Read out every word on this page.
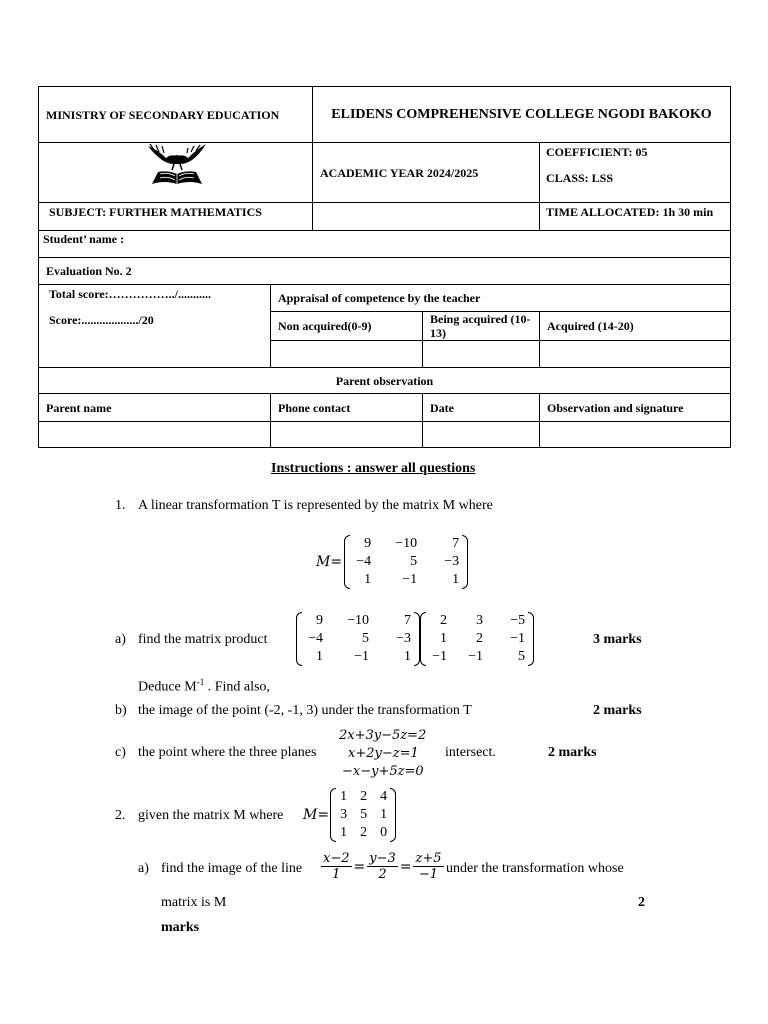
MINISTRY OF SECONDARY EDUCATION		ELIDENS COMPREHENSIVE COLLEGE NGODI BAKOKO		
		ACADEMIC YEAR 2024/2025		COEFFICIENT: 05
CLASS: LSS

SUBJECT: FURTHER MATHEMATICS				TIME ALLOCATED: 1h 30 min
Student’ name :				
Evaluation No. 2				

Total score:……………../...........
Score:.................../20	Appraisal of competence by the teacher			
	Non acquired(0-9)		Being acquired (10-13)	Acquired (14-20)

Parent observation				
Parent name	Phone contact		Date	Observation and signature

Instructions : answer all questions
1. A linear transformation T is represented by the matrix M where
M=
9	−10	7
−4	5	−3
1	−1	1
a) find the matrix product
9	−10	7
−4	5	−3
1	−1	1
2	3	−5
1	2	−1
−1	−1	5
3 marks
Deduce $M^{-1}$ . Find also,
b) the image of the point (-2, -1, 3) under the transformation T	2 marks
c) the point where the three planes
2x+3y−5z=2
x+2y−z=1
−x−y+5z=0
intersect.	2 marks
2. given the matrix M where M=
1 2 4
3 5 1
1 2 0
a) find the image of the line $\frac{x-2}{1} = \frac{y-3}{2} = \frac{z+5}{-1}$ under the transformation whose
matrix is M	2
marks
